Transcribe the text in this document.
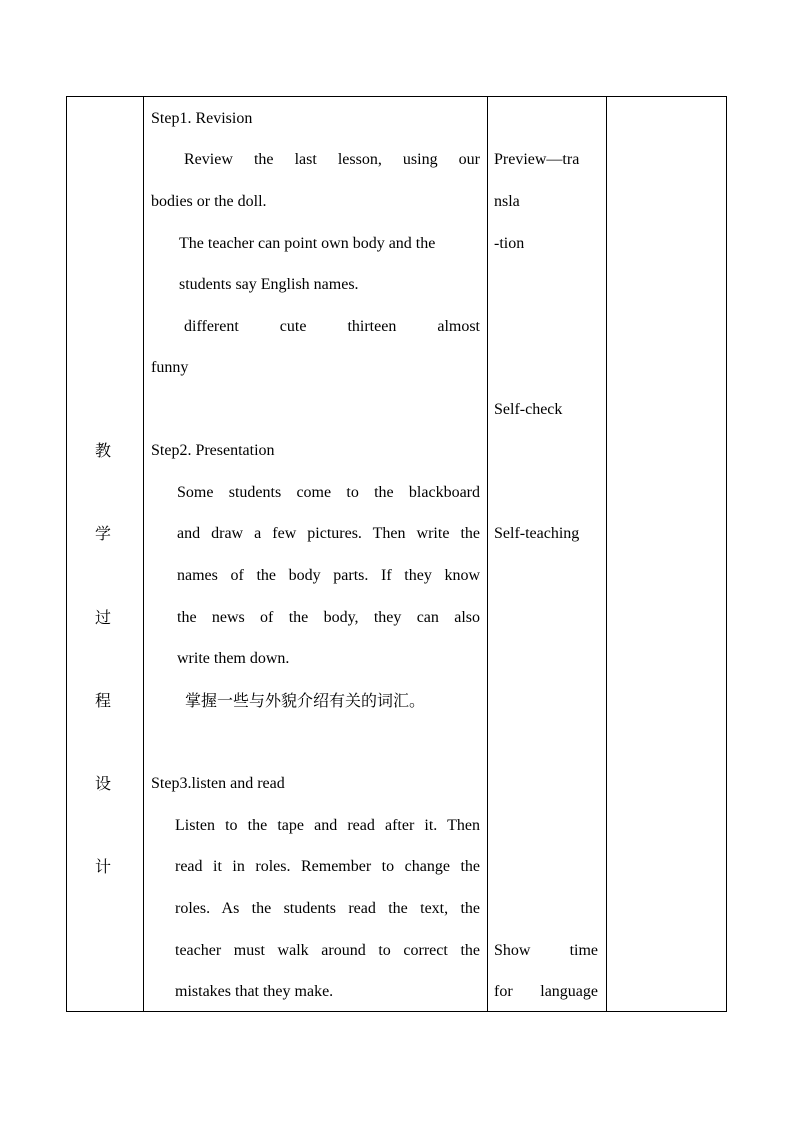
教
学
过
程
设
计
Step1. Revision
Review the last lesson, using our
bodies or the doll.
The teacher can point own body and the
students say English names.
different cute thirteen almost
funny
Step2. Presentation
Some students come to the blackboard
and draw a few pictures. Then write the
names of the body parts. If they know
the news of the body, they can also
write them down.
掌握一些与外貌介绍有关的词汇。
Step3.listen and read
Listen to the tape and read after it. Then
read it in roles. Remember to change the
roles. As the students read the text, the
teacher must walk around to correct the
mistakes that they make.
Preview—tra
nsla
-tion
Self-check
Self-teaching
Show time
for language
